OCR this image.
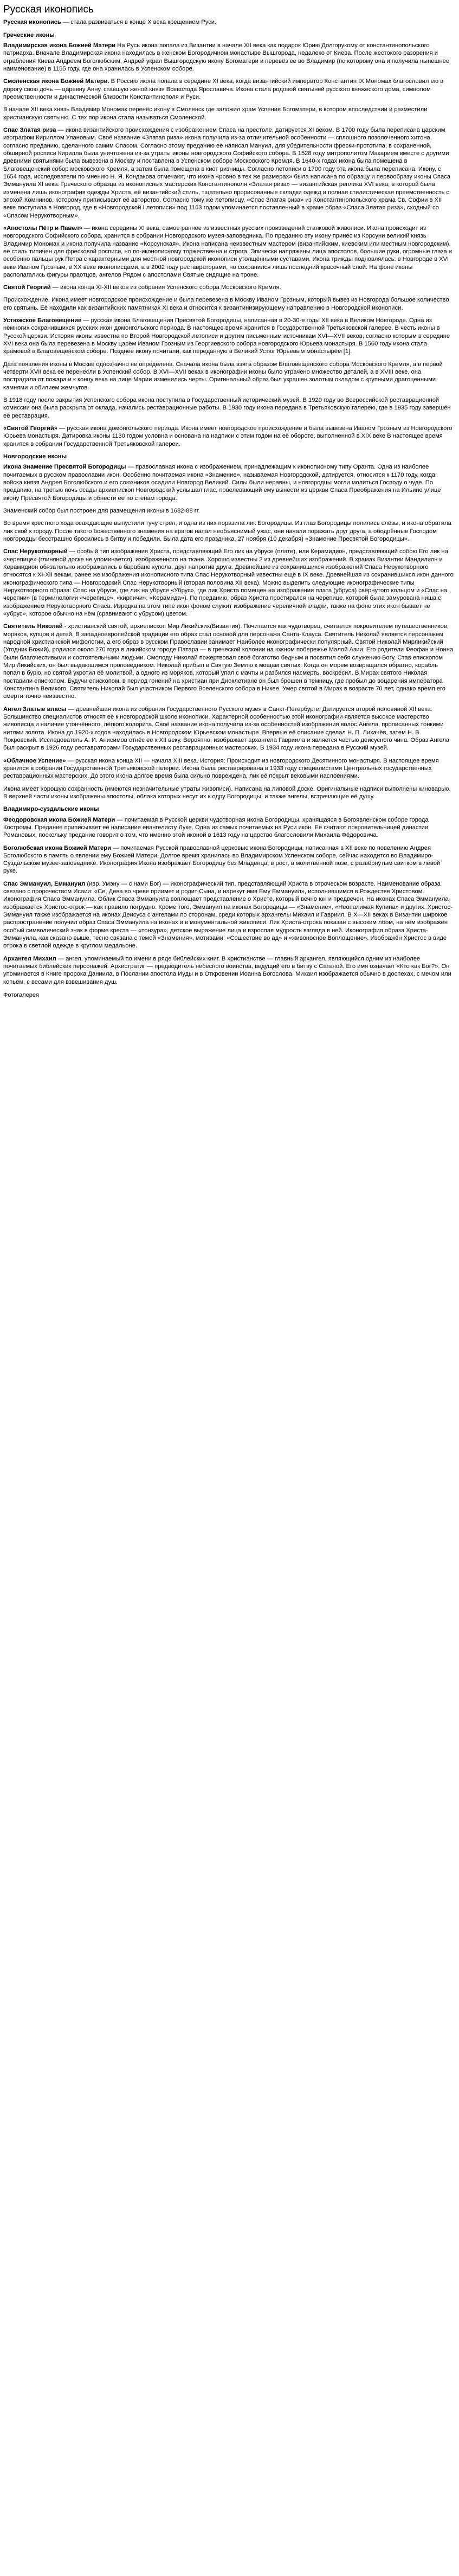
Русская иконопись

Русская иконопись — стала развиваться в конце X века крещением Руси.

Греческие иконы

Владимирская икона Божией Матери На Русь икона попала из Византии в начале XII века как подарок Юрию Долгорукому от константинопольского патриарха. Вначале Владимирская икона находилась в женском Богородичном монастыре Вышгорода, недалеко от Киева. После жестокого разорения и ограбления Киева Андреем Боголюбским, Андрей украл Вышгородскую икону Богоматери и перевёз ее во Владимир (по которому она и получила нынешнее наименование) в 1155 году, где она хранилась в Успенском соборе.

Смоленская икона Божией Матери. В Россию икона попала в середине XI века, когда византийский император Константин IX Мономах благословил ею в дорогу свою дочь — царевну Анну, ставшую женой князя Всеволода Ярославича. Икона стала родовой святыней русского княжеского дома, символом преемственности и династической близости Константинополя и Руси.

В начале XII века князь Владимир Мономах перенёс икону в Смоленск где заложил храм Успения Богоматери, в котором впоследствии и разместили христианскую святыню. С тех пор икона стала называться Смоленской.

Спас Златая риза — икона византийского происхождения с изображением Спаса на престоле, датируется XI веком. В 1700 году была переписана царским изографом Кириллом Улановым. Своё название «Златая риза» икона получила из-за отличительной особенности — сплошного позолоченного хитона, согласно преданию, сделанного самим Спасом. Согласно этому преданию её написал Мануил, для убедительности фрески-прототипа, в сохраненной, обширной росписи Кирилла была уничтожена из-за утраты иконы новгородского Софийского собора. В 1528 году митрополитом Макарием вместе с другими древними святынями была вывезена в Москву и поставлена в Успенском соборе Московского Кремля. В 1640-х годах икона была помещена в Благовещенский собор московского Кремля, а затем была помещена в киот ризницы. Согласно летописи в 1700 году эта икона была переписана. Икону, с 1654 года, исследователи по мнению Н. Я. Кондакова отмечают, что икона «ровно в тех же размерах» была написана по образцу и первообразу иконы Спаса Эммануила XI века. Греческого образца из иконописных мастерских Константинополя «Златая риза» — византийская реплика XVI века, в которой была изменена лишь иконография одежды Христа, её византийский стиль, тщательно прорисованные складки одежд и полная стилистическая преемственность с эпохой Комнинов, которому приписывают её авторство. Согласно тому же летописцу, «Спас Златая риза» из Константинопольского храма Св. Софии в XII веке поступила в Новгород, где в «Новгородской I летописи» под 1163 годом упоминается поставленный в храме образ «Спаса Златая риза», сходный со «Спасом Нерукотворным».

«Апостолы Пётр и Павел» — икона середины XI века, самое раннее из известных русских произведений станковой живописи. Икона происходит из новгородского Софийского собора, хранится в собрании Новгородского музея-заповедника. По преданию эту икону принёс из Корсуни великий князь Владимир Мономах и икона получила название «Корсунская». Икона написана неизвестным мастером (византийским, киевским или местным новгородским), её стиль типичен для фресковой росписи, но по-иконописному торжественна и строга. Эпически напряжены лица апостолов, большие руки, огромные глаза и особенно пальцы рук Петра с характерными для местной новгородской иконописи утолщёнными суставами. Икона трижды подновлялась: в Новгороде в XVI веке Иваном Грозным, в XX веке иконописцами, а в 2002 году реставраторами, но сохранился лишь последний красочный слой. На фоне иконы располагались фигуры праотцов, ангелов Рядом с апостолами Святые сидящие на троне.

Святой Георгий — икона конца XI-XII веков из собрания Успенского собора Московского Кремля.

Происхождение. Икона имеет новгородское происхождение и была перевезена в Москву Иваном Грозным, который вывез из Новгорода большое количество его святынь. Её находили как византийских памятниках XI века и относится к византинизирующему направлению в Новгородской иконописи.

Устюжское Благовещение — русская икона Благовещения Пресвятой Богородицы, написанная в 20-30-е годы XII века в Великом Новгороде. Одна из немногих сохранившихся русских икон домонгольского периода. В настоящее время хранится в Государственной Третьяковской галерее. В честь иконы в Русской церкви. История иконы известна по Второй Новгородской летописи и другим письменным источникам XVI—XVII веков, согласно которым в середине XVI века она была перевезена в Москву царём Иваном Грозным из Георгиевского собора новгородского Юрьева монастыря. В 1560 году икона стала храмовой в Благовещенском соборе. Позднее икону почитали, как переданную в Великий Устюг Юрьевым монастырём [1].

Дата появления иконы в Москве однозначно не определена. Сначала икона была взята образом Благовещенского собора Московского Кремля, а в первой четверти XVII века её перенесли в Успенский собор. В XVI—XVII веках в иконографии иконы было утрачено множество деталей, а в XVIII веке, она пострадала от пожара и к концу века на лице Марии изменились черты. Оригинальный образ был украшен золотым окладом с крупными драгоценными камнями и обилием жемчугов.

В 1918 году после закрытия Успенского собора икона поступила в Государственный исторический музей. В 1920 году во Всероссийской реставрационной комиссии она была раскрыта от оклада, начались реставрационные работы. В 1930 году икона передана в Третьяковскую галерею, где в 1935 году завершён её реставрация.

«Святой Георгий» — русская икона домонгольского периода. Икона имеет новгородское происхождение и была вывезена Иваном Грозным из Новгородского Юрьева монастыря. Датировка иконы 1130 годом условна и основана на надписи с этим годом на её обороте, выполненной в XIX веке В настоящее время хранится в собрании Государственной Третьяковской галереи.

Новгородские иконы

Икона Знамение Пресвятой Богородицы — православная икона с изображением, принадлежащим к иконописному типу Оранта. Одна из наиболее почитаемых в русском православии икон. Особенно почитаемая икона «Знамение», называемая Новгородской, датируется, относится к 1170 году, когда войска князя Андрея Боголюбского и его союзников осадили Новгород Великий. Силы были неравны, и новгородцы могли молиться Господу о чуде. По преданию, на третью ночь осады архиепископ Новгородский услышал глас, повелевающий ему вынести из церкви Спаса Преображения на Ильине улице икону Пресвятой Богородицы и обнести ее по стенам города.

Знаменский собор был построен для размещения иконы в 1682-88 гг.

Во время крестного хода осаждающие выпустили тучу стрел, и одна из них поразила лик Богородицы. Из глаз Богородицы полились слёзы, и икона обратила лик свой к городу. После такого божественного знамения на врагов напал необъяснимый ужас, они начали поражать друг друга, а ободрённые Господом новгородцы бесстрашно бросились в битву и победили. Была дата его праздника, 27 ноября (10 декабря) «Знамение Пресвятой Богородицы».

Спас Нерукотворный — особый тип изображения Христа, представляющий Его лик на убрусе (плате), или Керамидион, представляющий собою Его лик на «черепице» (глиняной доске не упоминается), изображенного на ткани. Хорошо известны 2 из древнейших изображений. В храмах Византии Мандилион и Керамидион обязательно изображались в барабане купола, друг напротив друга. Древнейшие из сохранившихся изображений Спаса Нерукотворного относятся к XI-XII векам, ранее же изображения иконописного типа Спас Нерукотворный известны ещё в IX веке. Древнейшая из сохранившихся икон данного иконографического типа — Новгородский Спас Нерукотворный (вторая половина XII века). Можно выделить следующие иконографические типы Нерукотворного образа: Спас на убрусе, где лик на убрусе «Убрус», где лик Христа помещен на изображении плата (убруса) свёрнутого кольцом и «Спас на черепии» (в терминологии «черепице», «кирпичи», «Керамида»). По преданию, образ Христа простирался на черепице, которой была замурована ниша с изображением Нерукотворного Спаса. Изредка на этом типе икон фоном служит изображение черепичной кладки, также на фоне этих икон бывает не «убрус», которое обычно на нём (сравнивают с убрусом) цветом.

Святитель Николай - христианский святой, архиепископ Мир Ликийских(Византия). Почитается как чудотворец, считается покровителем путешественников, моряков, купцов и детей. В западноевропейской традиции его образ стал основой для персонажа Санта-Клауса. Святитель Николай является персонажем народной христианской мифологии, а его образ в русском Православии занимает Наиболее иконографически популярный. Святой Николай Мирликийский (Угодник Божий), родился около 270 года в ликийском городе Патара — в греческой колонии на южном побережье Малой Азии. Его родители Феофан и Нонна были благочестивыми и состоятельными людьми. Смолоду Николай пожертвовал своё богатство бедным и посвятил себя служению Богу. Став епископом Мир Ликийских, он был выдающимся проповедником. Николай прибыл в Святую Землю к мощам святых. Когда он морем возвращался обратно, корабль попал в бурю, но святой укротил её молитвой, а одного из моряков, который упал с мачты и разбился насмерть, воскресил. В Мирах святого Николая поставили епископом. Будучи епископом, в период гонений на христиан при Диоклетиане он был брошен в темницу, где пробыл до воцарения императора Константина Великого. Святитель Николай был участником Первого Вселенского собора в Никее. Умер святой в Мирах в возрасте 70 лет, однако время его смерти точно неизвестно.

Ангел Златые власы — древнейшая икона из собрания Государственного Русского музея в Санкт-Петербурге. Датируется второй половиной XII века. Большинство специалистов относят её к новгородской школе иконописи. Характерной особенностью этой иконографии является высокое мастерство живописца и наличие утончённого, лёгкого колорита. Своё название икона получила из-за особенностей изображения волос Ангела, прописанных тонкими нитями золота. Икона до 1920-х годов находилась в Новгородском Юрьевском монастыре. Впервые её описание сделал Н. П. Лихачёв, затем Н. В. Покровский. Исследователь А. И. Анисимов отнёс её к XII веку. Вероятно, изображает архангела Гавриила и является частью деисусного чина. Образ Ангела был раскрыт в 1926 году реставраторами Государственных реставрационных мастерских. В 1934 году икона передана в Русский музей.

«Облачное Успение» — русская икона конца XII — начала XIII века. История: Происходит из новгородского Десятинного монастыря. В настоящее время хранится в собрании Государственной Третьяковской галереи. Икона была реставрирована в 1933 году специалистами Центральных государственных реставрационных мастерских. До этого икона долгое время была сильно повреждена, лик её покрыт вековыми наслоениями.

Икона имеет хорошую сохранность (имеются незначительные утраты живописи). Написана на липовой доске. Оригинальные надписи выполнены киноварью. В верхней части иконы изображены апостолы, облака которых несут их к одру Богородицы, и также ангелы, встречающие её душу.

Владимиро-суздальские иконы

Феодоровская икона Божией Матери — почитаемая в Русской церкви чудотворная икона Богородицы, хранящаяся в Богоявленском соборе города Костромы. Предание приписывает её написание евангелисту Луке. Одна из самых почитаемых на Руси икон. Её считают покровительницей династии Романовых, поскольку предание говорит о том, что именно этой иконой в 1613 году на царство благословили Михаила Фёдоровича.

Боголюбская икона Божией Матери — почитаемая Русской православной церковью икона Богородицы, написанная в XII веке по повелению Андрея Боголюбского в память о явлении ему Божией Матери. Долгое время хранилась во Владимирском Успенском соборе, сейчас находится во Владимиро-Суздальском музее-заповеднике. Иконография Икона изображает Богородицу без Младенца, в рост, в молитвенной позе, с развёрнутым свитком в левой руке.

Спас Эммануил, Еммануил (ивр. Умэну — с нами Бог) — иконографический тип, представляющий Христа в отроческом возрасте. Наименование образа связано с пророчеством Исаии: «Се, Дева во чреве приимет и родит Сына, и нарекут имя Ему Еммануил», исполнившимся в Рождестве Христовом. Иконография Спаса Эммануила. Облик Спаса Эммануила воплощает представление о Христе, который вечно юн и предвечен. На иконах Спаса Эммануила изображается Христос-отрок — как правило погрудно. Кроме того, Эммануил на иконах Богородицы — «Знамение», «Неопалимая Купина» и других. Христос-Эммануил также изображается на иконах Деисуса с ангелами по сторонам, среди которых архангелы Михаил и Гавриил. В X—XII веках в Византии широкое распространение получил образ Спаса Эммануила на иконах и в монументальной живописи. Лик Христа-отрока показан с высоким лбом, на нём изображён особый символический знак в форме креста — «тонзура», детское выражение лица и взрослая мудрость взгляда в ней. Иконография образа Христа-Эммануила, как сказано выше, тесно связана с темой «Знамения», мотивами: «Сошествие во ад» и «живоносное Воплощение». Изображён Христос в виде отрока в светлой одежде в круглом медальоне.

Архангел Михаил — ангел, упоминаемый по имени в ряде библейских книг. В христианстве — главный архангел, являющийся одним из наиболее почитаемых библейских персонажей. Архистратиг — предводитель небесного воинства, ведущий его в битву с Сатаной. Его имя означает «Кто как Бог?». Он упоминается в Книге пророка Даниила, в Послании апостола Иуды и в Откровении Иоанна Богослова. Михаил изображается обычно в доспехах, с мечом или копьём, с весами для взвешивания душ.

Фотогалерея
